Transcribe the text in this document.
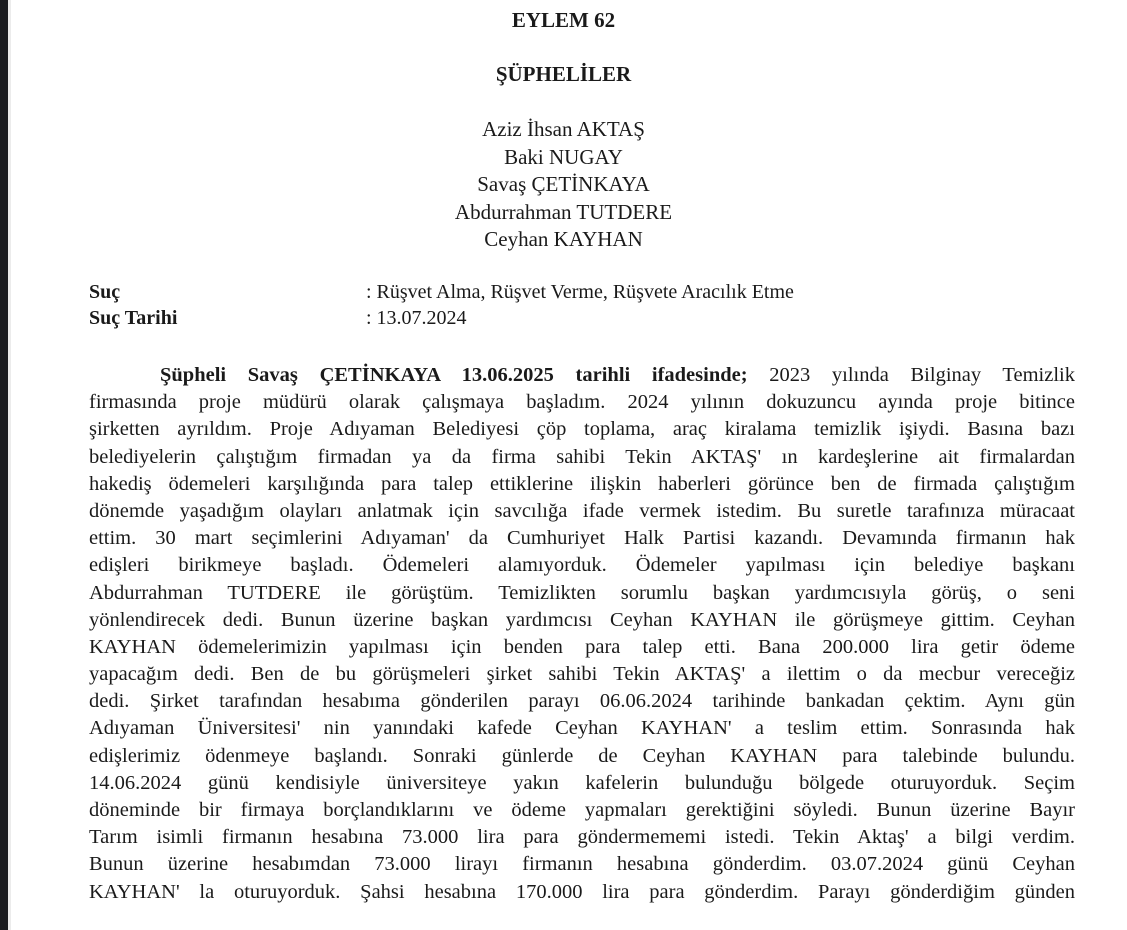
EYLEM 62
ŞÜPHELİLER
Aziz İhsan AKTAŞ
Baki NUGAY
Savaş ÇETİNKAYA
Abdurrahman TUTDERE
Ceyhan KAYHAN
Suç	: Rüşvet Alma, Rüşvet Verme, Rüşvete Aracılık Etme
Suç Tarihi	: 13.07.2024
Şüpheli Savaş ÇETİNKAYA 13.06.2025 tarihli ifadesinde; 2023 yılında Bilginay Temizlik
firmasında proje müdürü olarak çalışmaya başladım. 2024 yılının dokuzuncu ayında proje bitince
şirketten ayrıldım. Proje Adıyaman Belediyesi çöp toplama, araç kiralama temizlik işiydi. Basına bazı
belediyelerin çalıştığım firmadan ya da firma sahibi Tekin AKTAŞ' ın kardeşlerine ait firmalardan
hakediş ödemeleri karşılığında para talep ettiklerine ilişkin haberleri görünce ben de firmada çalıştığım
dönemde yaşadığım olayları anlatmak için savcılığa ifade vermek istedim. Bu suretle tarafınıza müracaat
ettim. 30 mart seçimlerini Adıyaman' da Cumhuriyet Halk Partisi kazandı. Devamında firmanın hak
edişleri birikmeye başladı. Ödemeleri alamıyorduk. Ödemeler yapılması için belediye başkanı
Abdurrahman TUTDERE ile görüştüm. Temizlikten sorumlu başkan yardımcısıyla görüş, o seni
yönlendirecek dedi. Bunun üzerine başkan yardımcısı Ceyhan KAYHAN ile görüşmeye gittim. Ceyhan
KAYHAN ödemelerimizin yapılması için benden para talep etti. Bana 200.000 lira getir ödeme
yapacağım dedi. Ben de bu görüşmeleri şirket sahibi Tekin AKTAŞ' a ilettim o da mecbur vereceğiz
dedi. Şirket tarafından hesabıma gönderilen parayı 06.06.2024 tarihinde bankadan çektim. Aynı gün
Adıyaman Üniversitesi' nin yanındaki kafede Ceyhan KAYHAN' a teslim ettim. Sonrasında hak
edişlerimiz ödenmeye başlandı. Sonraki günlerde de Ceyhan KAYHAN para talebinde bulundu.
14.06.2024 günü kendisiyle üniversiteye yakın kafelerin bulunduğu bölgede oturuyorduk. Seçim
döneminde bir firmaya borçlandıklarını ve ödeme yapmaları gerektiğini söyledi. Bunun üzerine Bayır
Tarım isimli firmanın hesabına 73.000 lira para göndermememi istedi. Tekin Aktaş' a bilgi verdim.
Bunun üzerine hesabımdan 73.000 lirayı firmanın hesabına gönderdim. 03.07.2024 günü Ceyhan
KAYHAN' la oturuyorduk. Şahsi hesabına 170.000 lira para gönderdim. Parayı gönderdiğim günden
